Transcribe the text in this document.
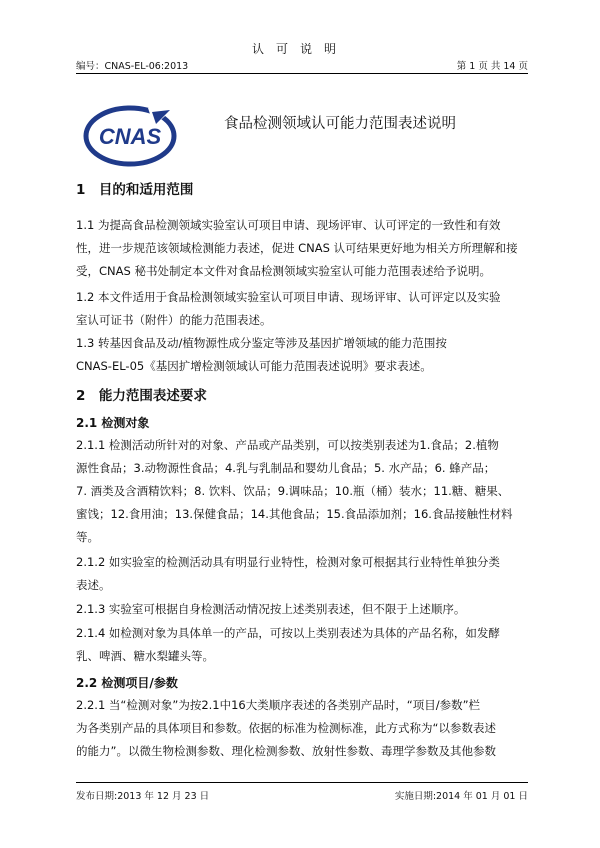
认可说明
编号：CNAS-EL-06:2013	第 1 页 共 14 页
CNAS	食品检测领域认可能力范围表述说明
1　目的和适用范围
1.1 为提高食品检测领域实验室认可项目申请、现场评审、认可评定的一致性和有效
性，进一步规范该领域检测能力表述，促进 CNAS 认可结果更好地为相关方所理解和接
受，CNAS 秘书处制定本文件对食品检测领域实验室认可能力范围表述给予说明。
1.2 本文件适用于食品检测领域实验室认可项目申请、现场评审、认可评定以及实验
室认可证书（附件）的能力范围表述。
1.3 转基因食品及动/植物源性成分鉴定等涉及基因扩增领域的能力范围按
CNAS-EL-05《基因扩增检测领域认可能力范围表述说明》要求表述。
2　能力范围表述要求
2.1 检测对象
2.1.1 检测活动所针对的对象、产品或产品类别，可以按类别表述为1.食品；2.植物
源性食品；3.动物源性食品；4.乳与乳制品和婴幼儿食品；5. 水产品；6. 蜂产品；
7. 酒类及含酒精饮料；8. 饮料、饮品；9.调味品；10.瓶（桶）装水；11.糖、糖果、
蜜饯；12.食用油；13.保健食品；14.其他食品；15.食品添加剂；16.食品接触性材料
等。
2.1.2 如实验室的检测活动具有明显行业特性，检测对象可根据其行业特性单独分类
表述。
2.1.3 实验室可根据自身检测活动情况按上述类别表述，但不限于上述顺序。
2.1.4 如检测对象为具体单一的产品，可按以上类别表述为具体的产品名称，如发酵
乳、啤酒、糖水梨罐头等。
2.2 检测项目/参数
2.2.1 当“检测对象”为按2.1中16大类顺序表述的各类别产品时，“项目/参数”栏
为各类别产品的具体项目和参数。依据的标准为检测标准，此方式称为“以参数表述
的能力”。以微生物检测参数、理化检测参数、放射性参数、毒理学参数及其他参数
发布日期:2013 年 12 月 23 日	实施日期:2014 年 01 月 01 日
